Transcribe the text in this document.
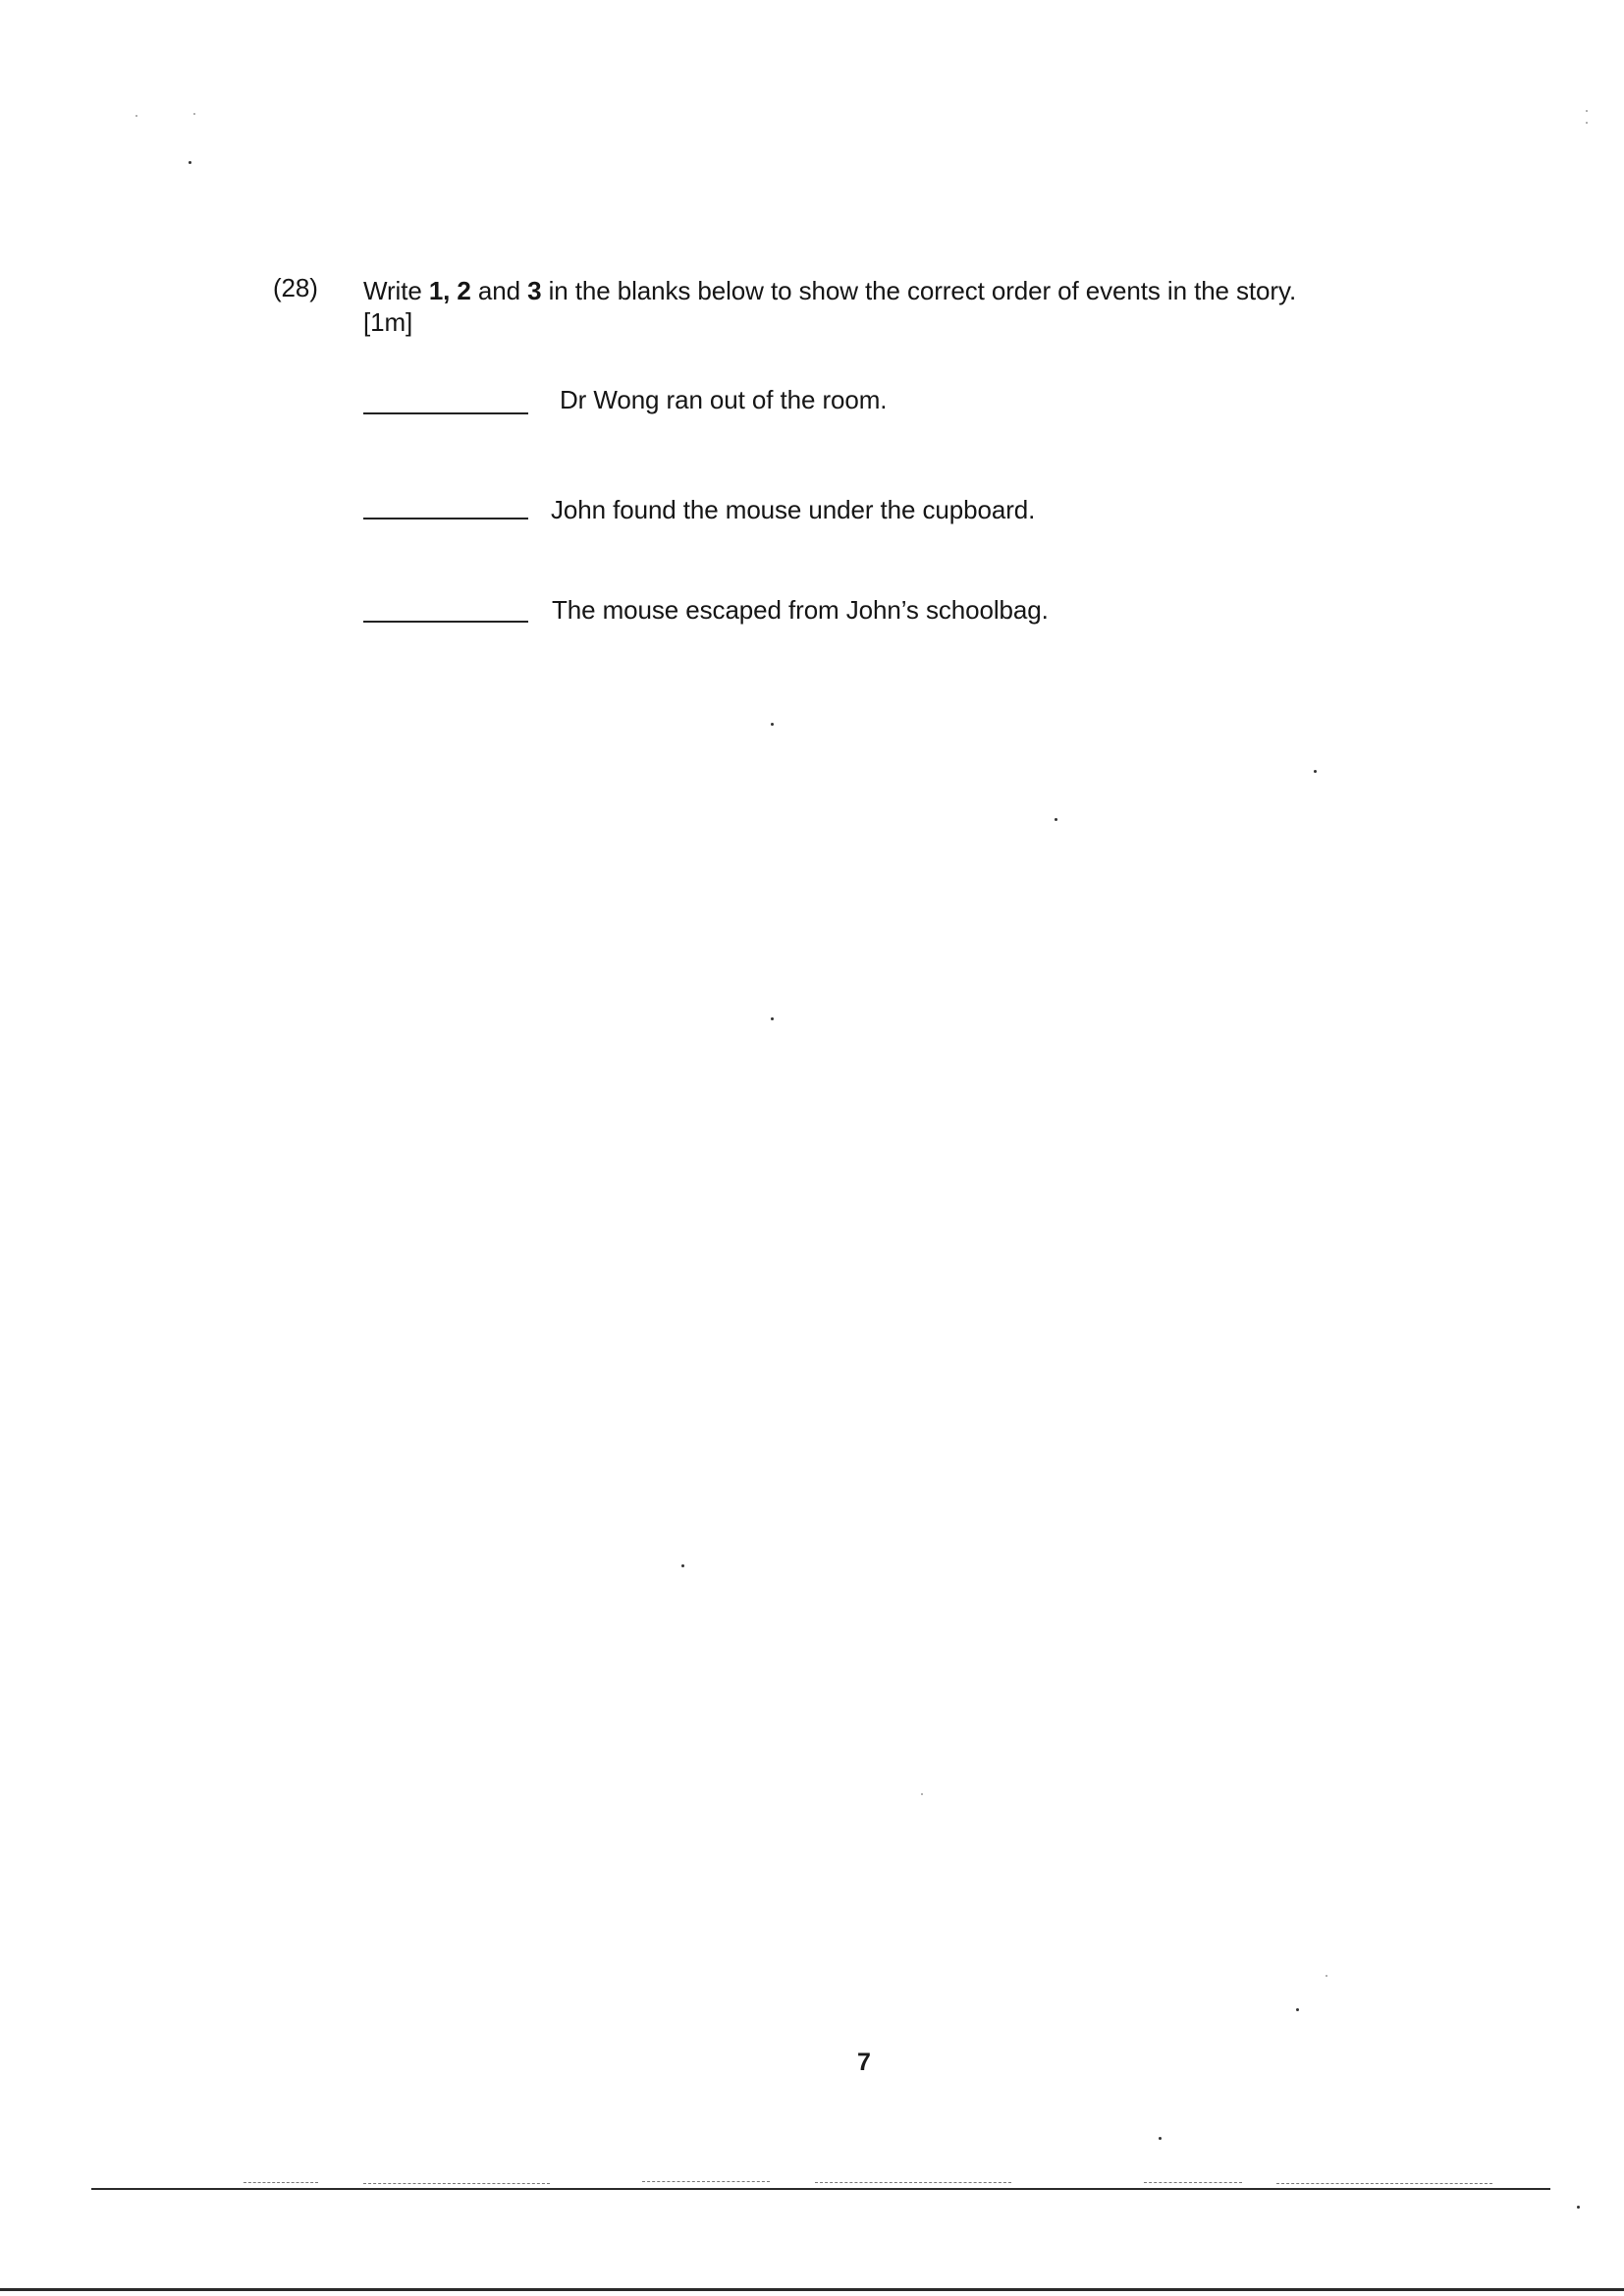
(28) Write 1, 2 and 3 in the blanks below to show the correct order of events in the story.
[1m]
Dr Wong ran out of the room.
John found the mouse under the cupboard.
The mouse escaped from John’s schoolbag.
7
